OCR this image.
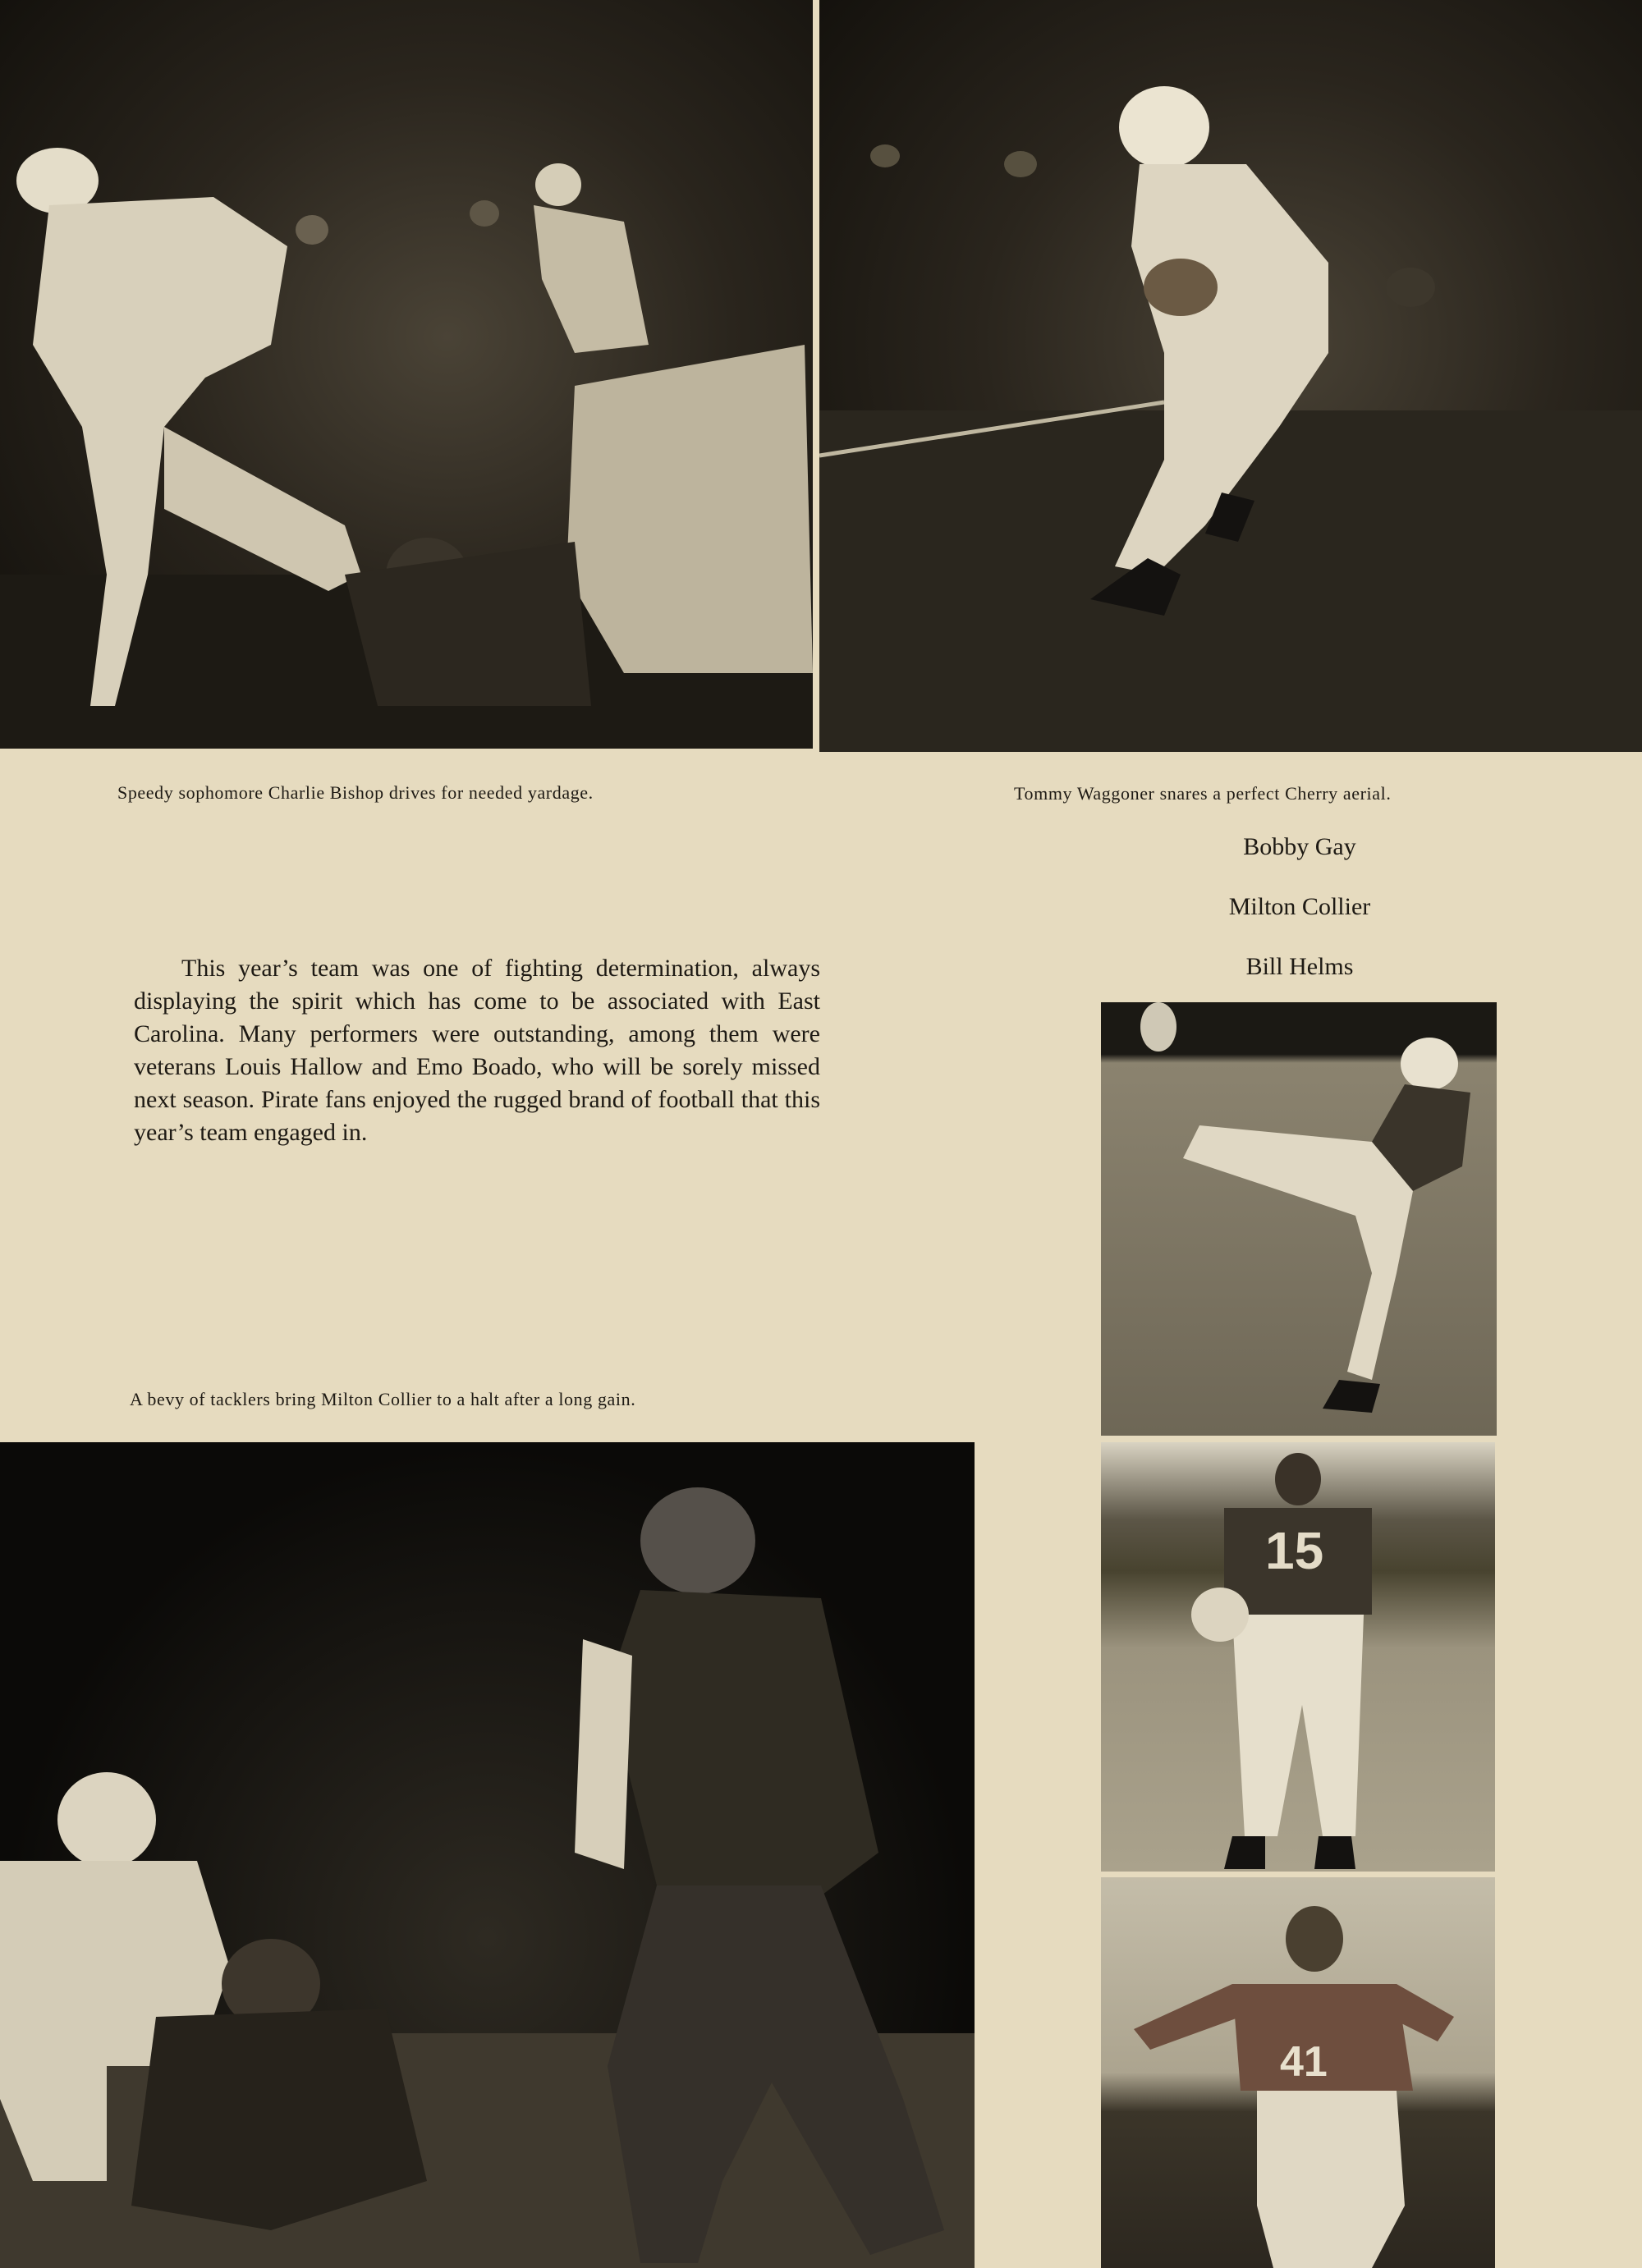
Speedy sophomore Charlie Bishop drives for needed yardage.	Tommy Waggoner snares a perfect Cherry aerial.
Bobby Gay
Milton Collier
Bill Helms
This year’s team was one of fighting determination, always displaying the spirit which has come to be associated with East Carolina. Many performers were outstanding, among them were veterans Louis Hallow and Emo Boado, who will be sorely missed next season. Pirate fans enjoyed the rugged brand of football that this year’s team engaged in.
A bevy of tacklers bring Milton Collier to a halt after a long gain.
15
41
